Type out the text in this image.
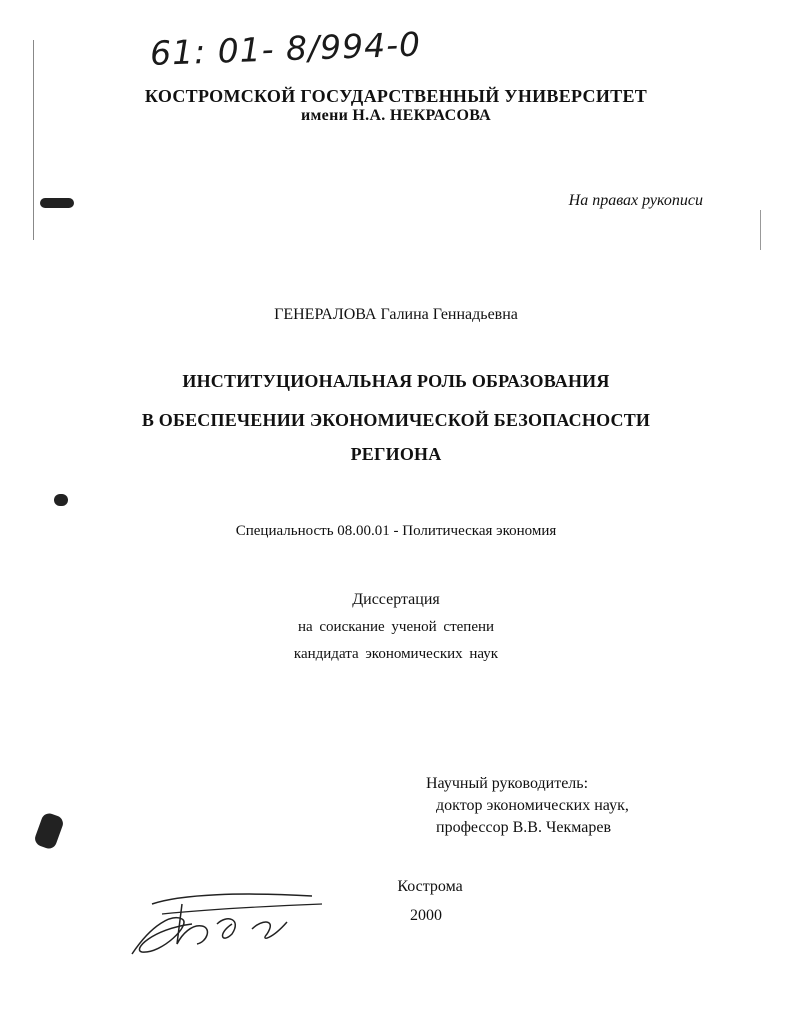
61: 01- 8/994-0
КОСТРОМСКОЙ ГОСУДАРСТВЕННЫЙ УНИВЕРСИТЕТ
имени Н.А. НЕКРАСОВА
На правах рукописи
ГЕНЕРАЛОВА Галина Геннадьевна
ИНСТИТУЦИОНАЛЬНАЯ РОЛЬ ОБРАЗОВАНИЯ
В ОБЕСПЕЧЕНИИ ЭКОНОМИЧЕСКОЙ БЕЗОПАСНОСТИ
РЕГИОНА
Специальность 08.00.01 - Политическая экономия
Диссертация
на соискание ученой степени
кандидата экономических наук
Научный руководитель:
доктор экономических наук,
профессор В.В. Чекмарев
Кострома
2000
